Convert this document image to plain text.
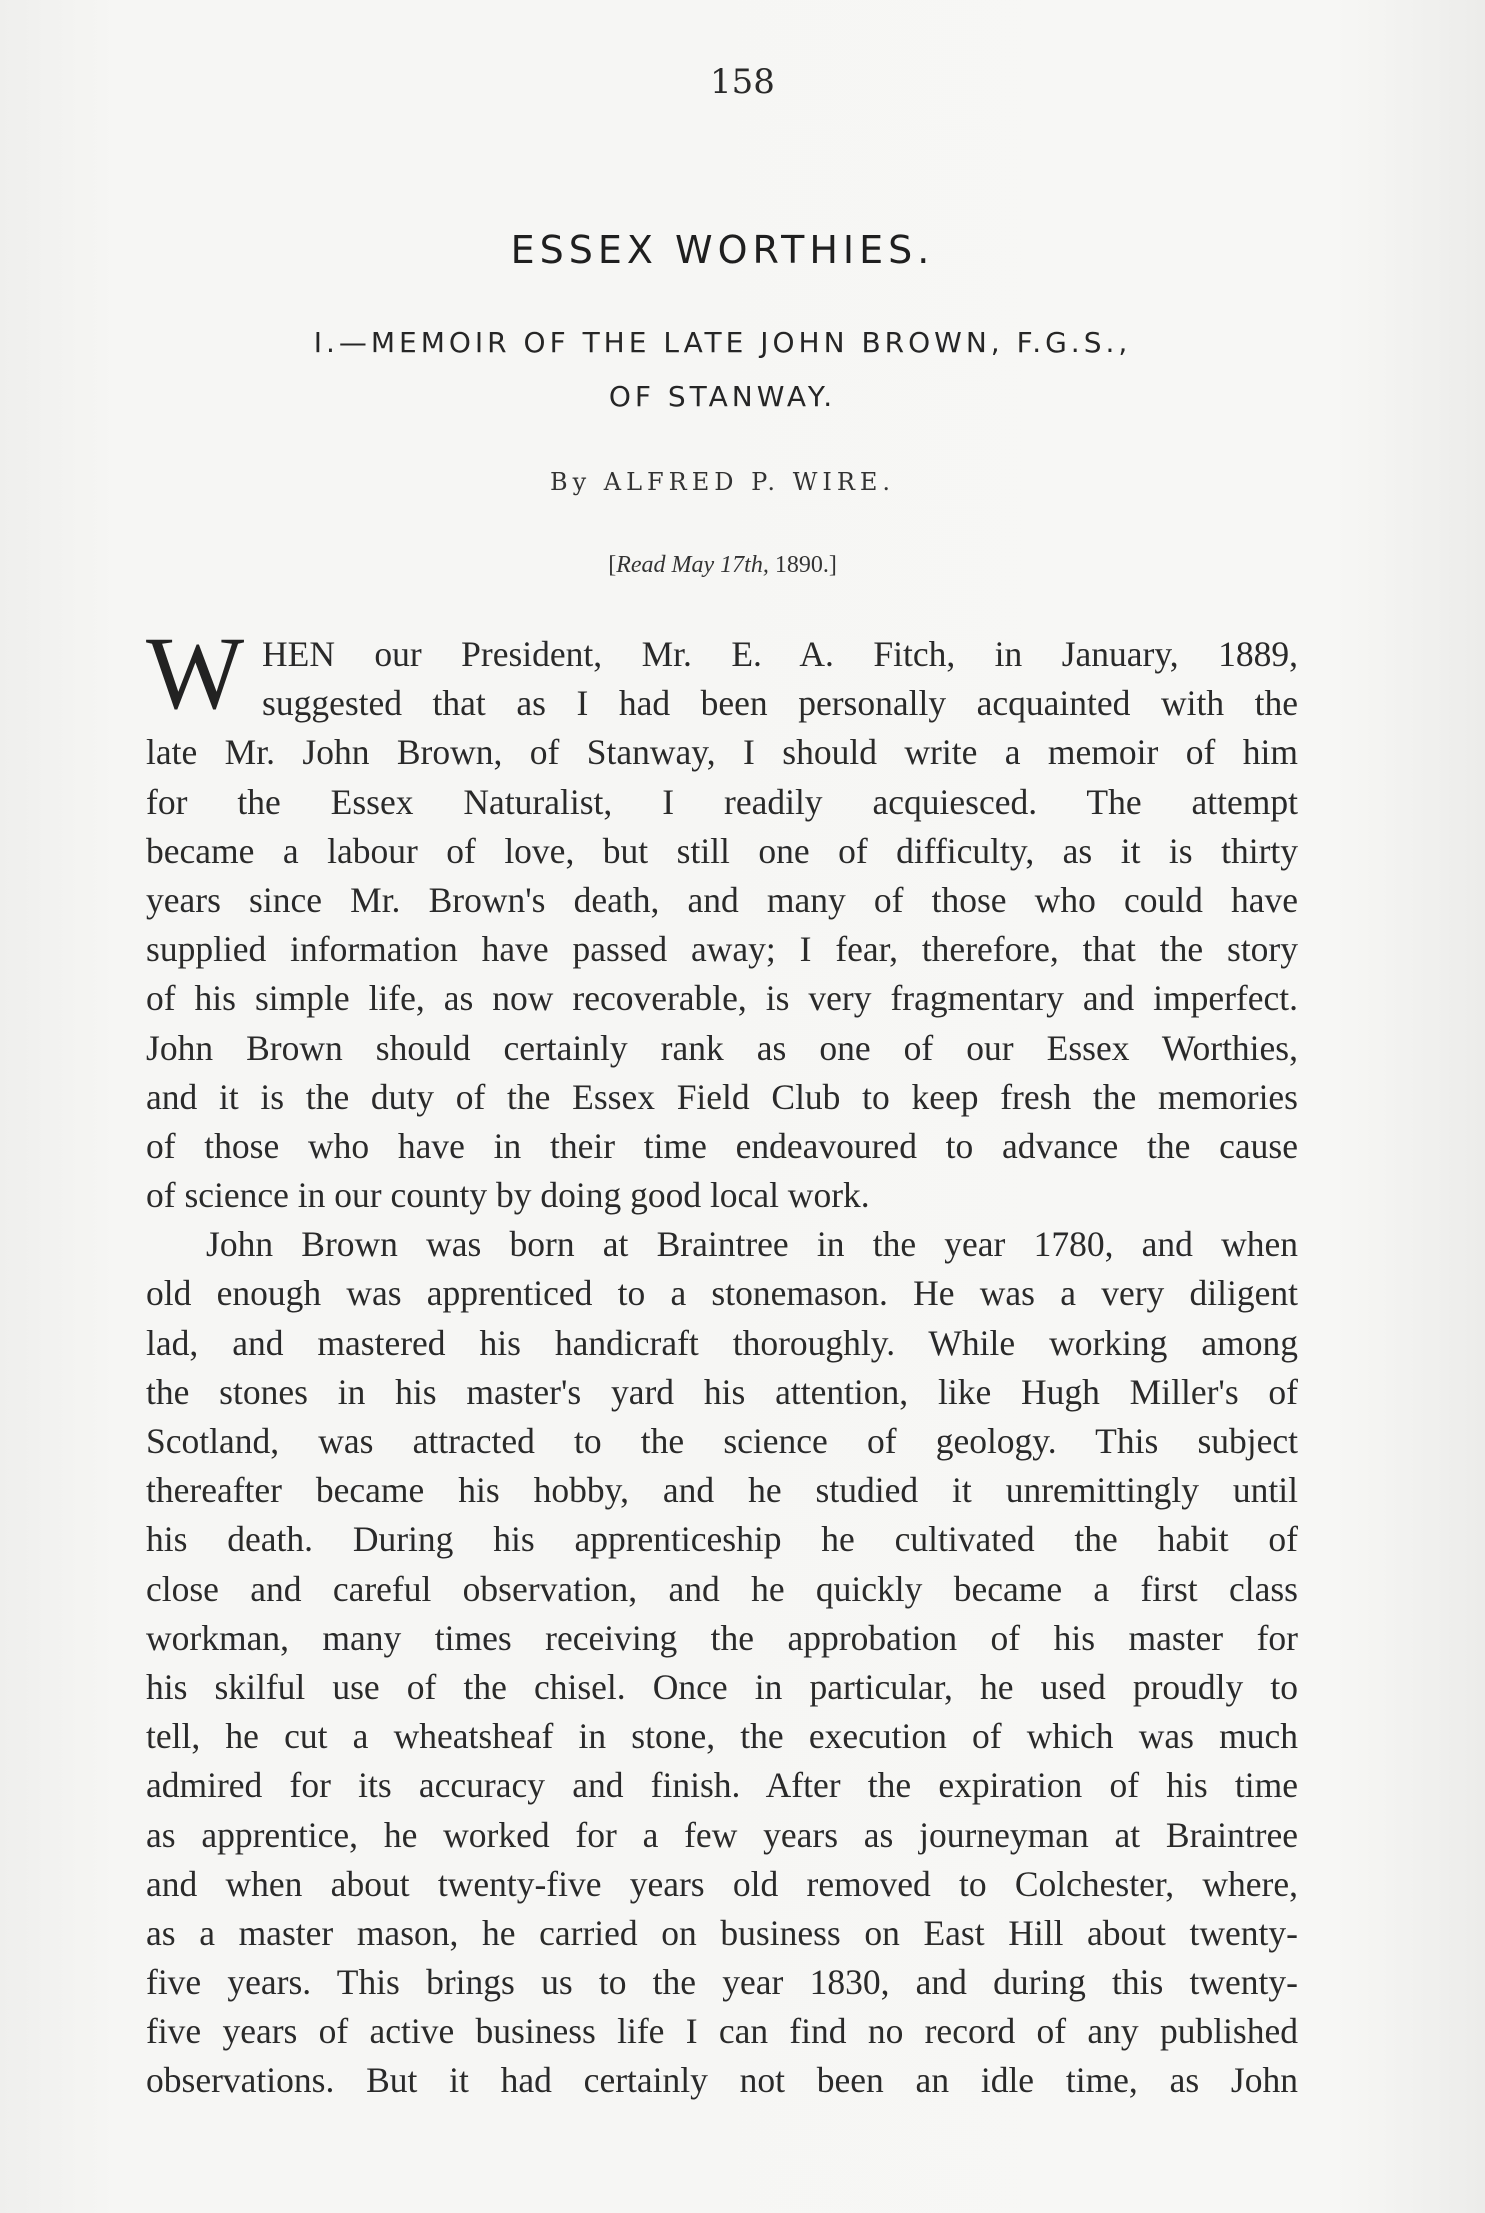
158
ESSEX WORTHIES.
I.—MEMOIR OF THE LATE JOHN BROWN, F.G.S.,
OF STANWAY.
By ALFRED P. WIRE.
[Read May 17th, 1890.]
W HEN our President, Mr. E. A. Fitch, in January, 1889,
suggested that as I had been personally acquainted with the
late Mr. John Brown, of Stanway, I should write a memoir of him
for the Essex Naturalist, I readily acquiesced. The attempt
became a labour of love, but still one of difficulty, as it is thirty
years since Mr. Brown's death, and many of those who could have
supplied information have passed away; I fear, therefore, that the story
of his simple life, as now recoverable, is very fragmentary and imperfect.
John Brown should certainly rank as one of our Essex Worthies,
and it is the duty of the Essex Field Club to keep fresh the memories
of those who have in their time endeavoured to advance the cause
of science in our county by doing good local work.
John Brown was born at Braintree in the year 1780, and when
old enough was apprenticed to a stonemason. He was a very diligent
lad, and mastered his handicraft thoroughly. While working among
the stones in his master's yard his attention, like Hugh Miller's of
Scotland, was attracted to the science of geology. This subject
thereafter became his hobby, and he studied it unremittingly until
his death. During his apprenticeship he cultivated the habit of
close and careful observation, and he quickly became a first class
workman, many times receiving the approbation of his master for
his skilful use of the chisel. Once in particular, he used proudly to
tell, he cut a wheatsheaf in stone, the execution of which was much
admired for its accuracy and finish. After the expiration of his time
as apprentice, he worked for a few years as journeyman at Braintree
and when about twenty-five years old removed to Colchester, where,
as a master mason, he carried on business on East Hill about twenty-
five years. This brings us to the year 1830, and during this twenty-
five years of active business life I can find no record of any published
observations. But it had certainly not been an idle time, as John
